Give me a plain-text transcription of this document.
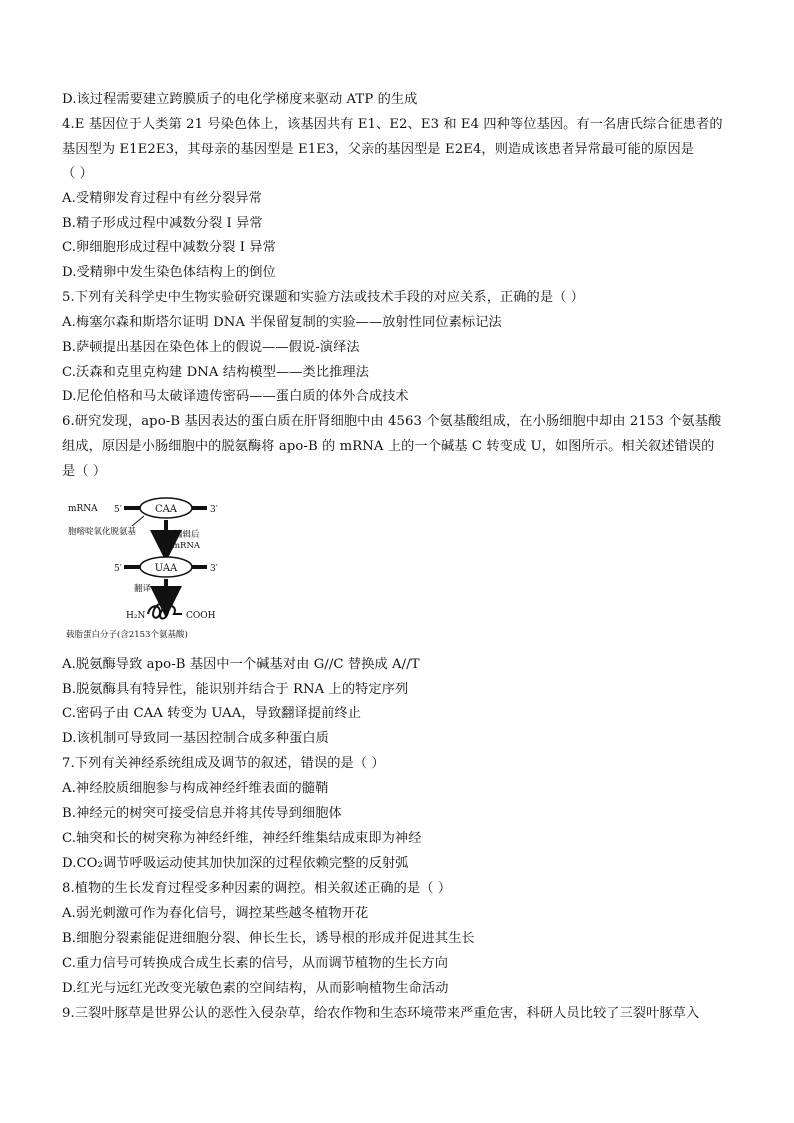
D.该过程需要建立跨膜质子的电化学梯度来驱动 ATP 的生成
4.E 基因位于人类第 21 号染色体上，该基因共有 E1、E2、E3 和 E4 四种等位基因。有一名唐氏综合征患者的
基因型为 E1E2E3，其母亲的基因型是 E1E3，父亲的基因型是 E2E4，则造成该患者异常最可能的原因是
（ ）
A.受精卵发育过程中有丝分裂异常
B.精子形成过程中减数分裂 I 异常
C.卵细胞形成过程中减数分裂 I 异常
D.受精卵中发生染色体结构上的倒位
5.下列有关科学史中生物实验研究课题和实验方法或技术手段的对应关系，正确的是（ ）
A.梅塞尔森和斯塔尔证明 DNA 半保留复制的实验——放射性同位素标记法
B.萨顿提出基因在染色体上的假说——假说-演绎法
C.沃森和克里克构建 DNA 结构模型——类比推理法
D.尼伦伯格和马太破译遗传密码——蛋白质的体外合成技术
6.研究发现，apo-B 基因表达的蛋白质在肝肾细胞中由 4563 个氨基酸组成，在小肠细胞中却由 2153 个氨基酸
组成，原因是小肠细胞中的脱氨酶将 apo-B 的 mRNA 上的一个碱基 C 转变成 U，如图所示。相关叙述错误的
是（ ）
mRNA 5′	CAA	3′
胞嘧啶氧化脱氨基	编辑后
mRNA
5′	UAA	3′
翻译
H₂N	COOH
载脂蛋白分子(含2153个氨基酸)
A.脱氨酶导致 apo-B 基因中一个碱基对由 G//C 替换成 A//T
B.脱氨酶具有特异性，能识别并结合于 RNA 上的特定序列
C.密码子由 CAA 转变为 UAA，导致翻译提前终止
D.该机制可导致同一基因控制合成多种蛋白质
7.下列有关神经系统组成及调节的叙述，错误的是（ ）
A.神经胶质细胞参与构成神经纤维表面的髓鞘
B.神经元的树突可接受信息并将其传导到细胞体
C.轴突和长的树突称为神经纤维，神经纤维集结成束即为神经
D.CO₂调节呼吸运动使其加快加深的过程依赖完整的反射弧
8.植物的生长发育过程受多种因素的调控。相关叙述正确的是（ ）
A.弱光刺激可作为春化信号，调控某些越冬植物开花
B.细胞分裂素能促进细胞分裂、伸长生长，诱导根的形成并促进其生长
C.重力信号可转换成合成生长素的信号，从而调节植物的生长方向
D.红光与远红光改变光敏色素的空间结构，从而影响植物生命活动
9.三裂叶豚草是世界公认的恶性入侵杂草，给农作物和生态环境带来严重危害，科研人员比较了三裂叶豚草入
